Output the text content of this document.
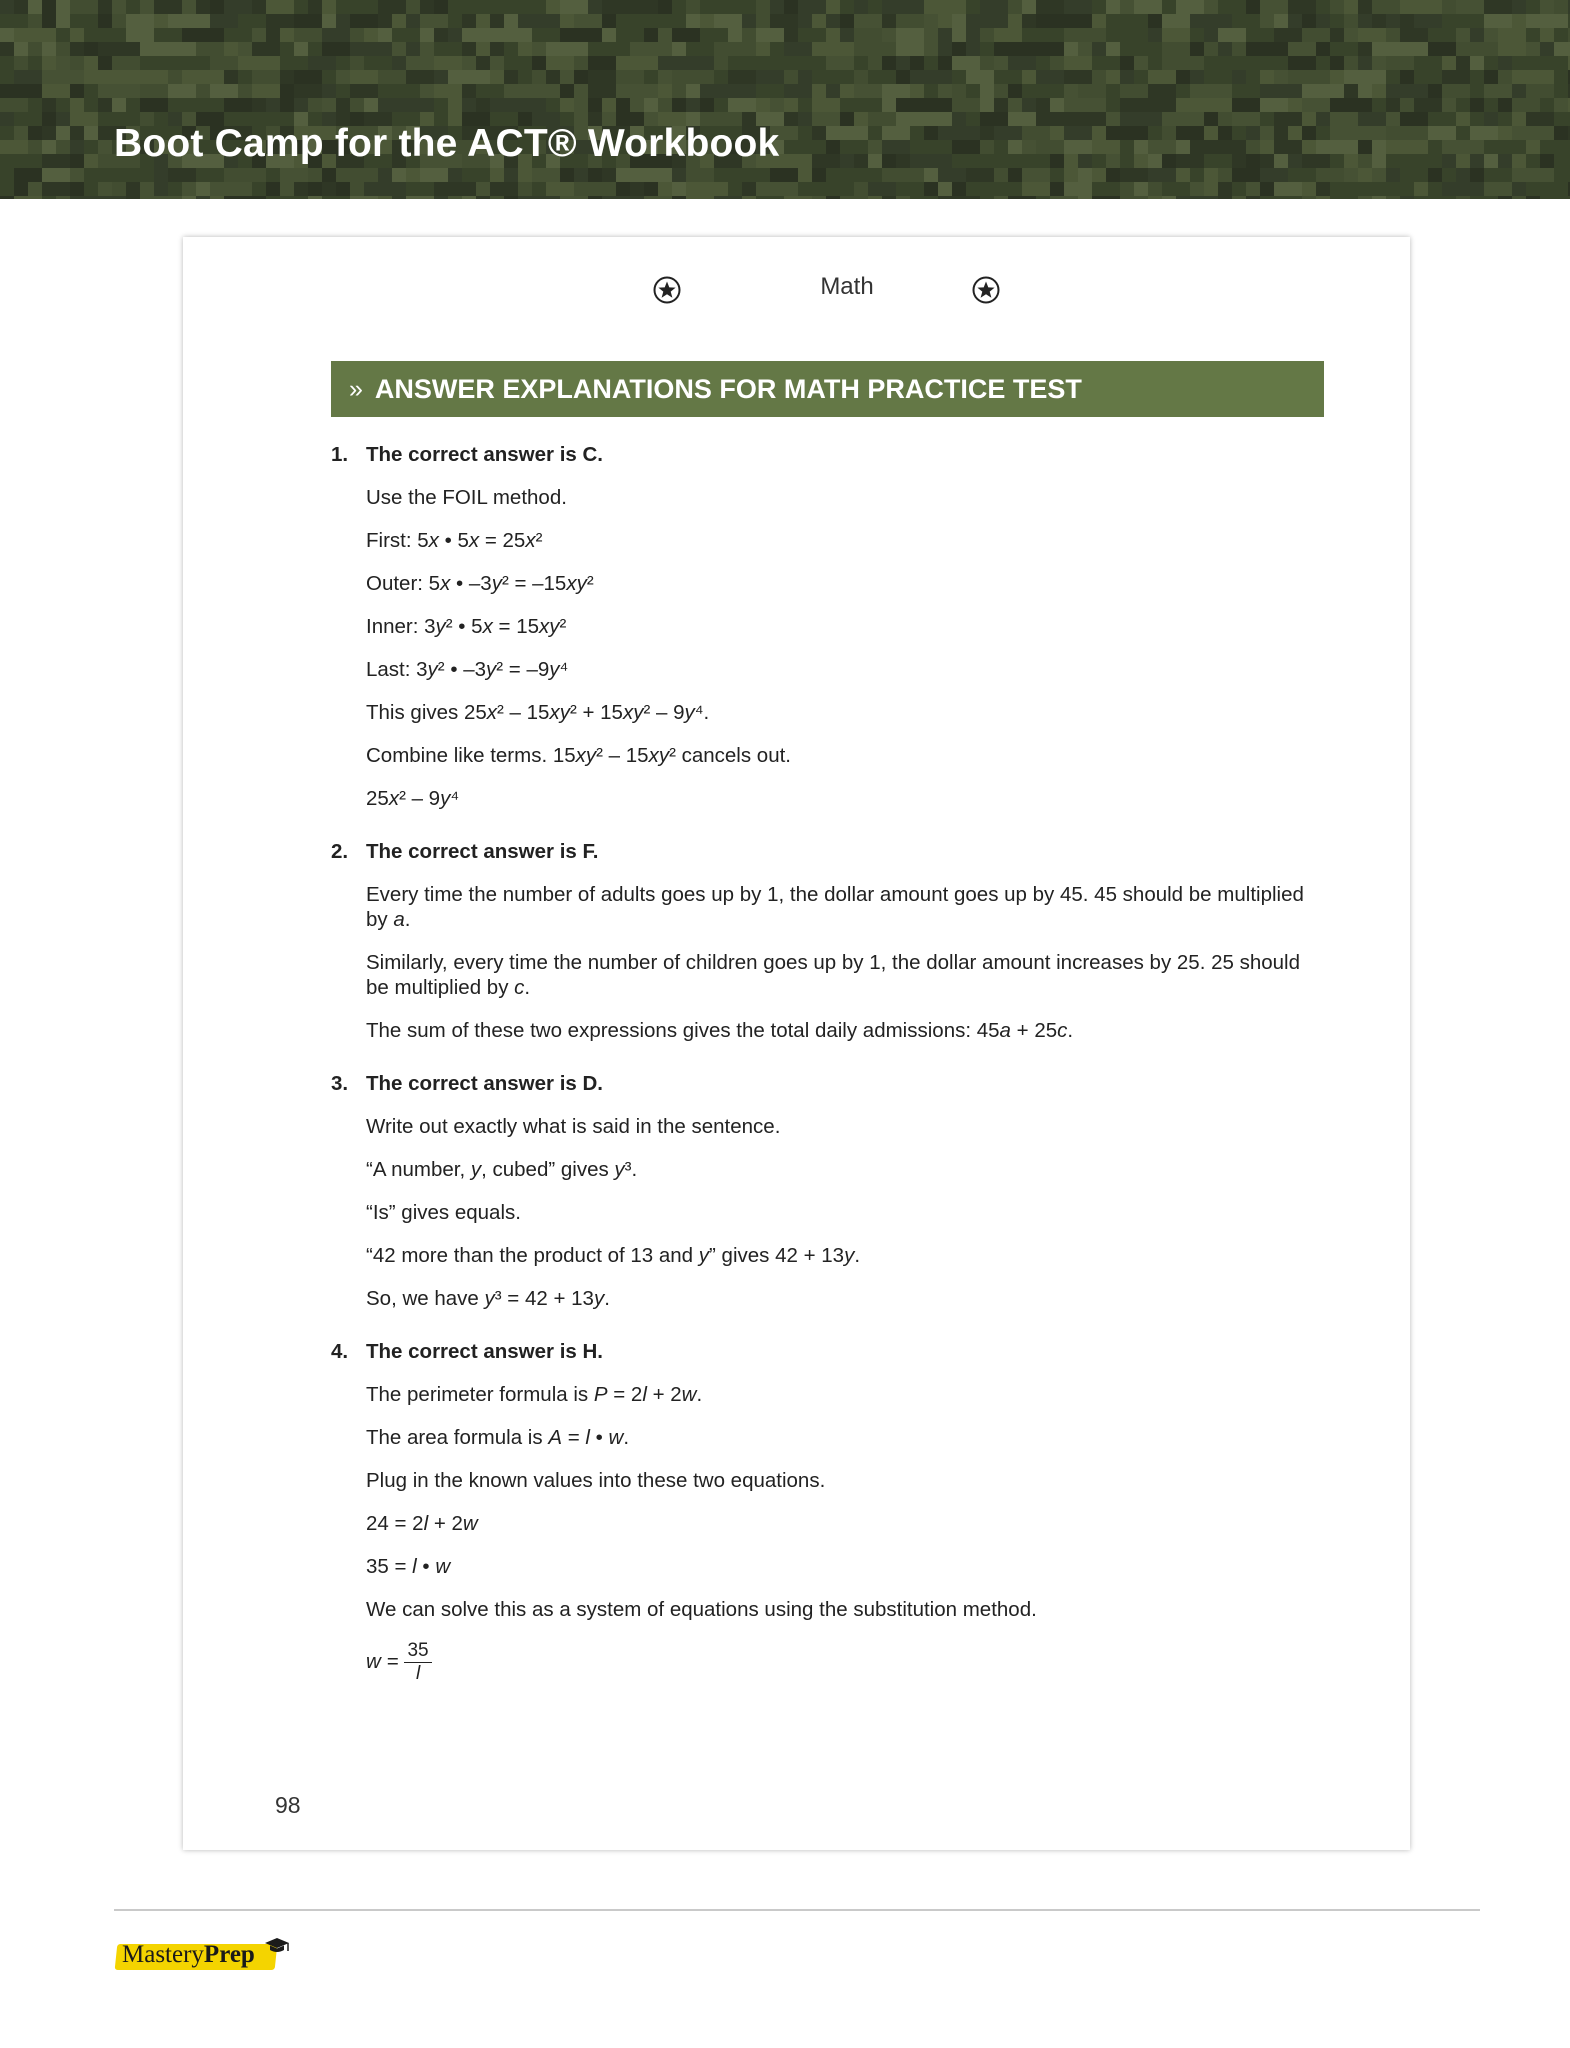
Boot Camp for the ACT® Workbook
Math
» ANSWER EXPLANATIONS FOR MATH PRACTICE TEST
1. The correct answer is C.
Use the FOIL method.
First: 5x • 5x = 25x²
Outer: 5x • –3y² = –15xy²
Inner: 3y² • 5x = 15xy²
Last: 3y² • –3y² = –9y⁴
This gives 25x² – 15xy² + 15xy² – 9y⁴.
Combine like terms. 15xy² – 15xy² cancels out.
25x² – 9y⁴
2. The correct answer is F.
Every time the number of adults goes up by 1, the dollar amount goes up by 45. 45 should be multiplied by a.
Similarly, every time the number of children goes up by 1, the dollar amount increases by 25. 25 should be multiplied by c.
The sum of these two expressions gives the total daily admissions: 45a + 25c.
3. The correct answer is D.
Write out exactly what is said in the sentence.
“A number, y, cubed” gives y³.
“Is” gives equals.
“42 more than the product of 13 and y” gives 42 + 13y.
So, we have y³ = 42 + 13y.
4. The correct answer is H.
The perimeter formula is P = 2l + 2w.
The area formula is A = l • w.
Plug in the known values into these two equations.
24 = 2l + 2w
35 = l • w
We can solve this as a system of equations using the substitution method.
$w = \frac{35}{l}$
98
MasteryPrep
